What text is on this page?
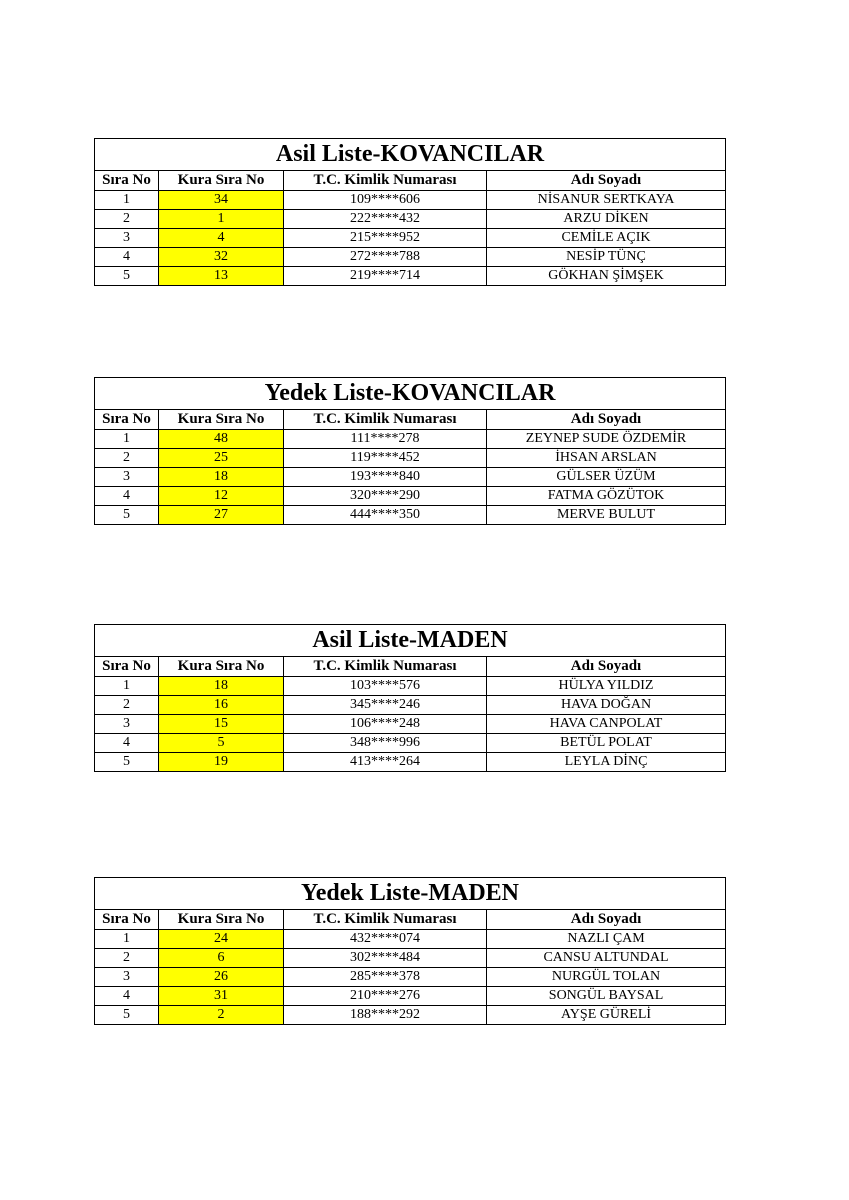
Asil Liste-KOVANCILAR			
Sıra No	Kura Sıra No	T.C. Kimlik Numarası	Adı Soyadı
1	34	109****606	NİSANUR SERTKAYA
2	1	222****432	ARZU DİKEN
3	4	215****952	CEMİLE AÇIK
4	32	272****788	NESİP TÜNÇ
5	13	219****714	GÖKHAN ŞİMŞEK
Yedek Liste-KOVANCILAR			
Sıra No	Kura Sıra No	T.C. Kimlik Numarası	Adı Soyadı
1	48	111****278	ZEYNEP SUDE ÖZDEMİR
2	25	119****452	İHSAN ARSLAN
3	18	193****840	GÜLSER ÜZÜM
4	12	320****290	FATMA GÖZÜTOK
5	27	444****350	MERVE BULUT
Asil Liste-MADEN			
Sıra No	Kura Sıra No	T.C. Kimlik Numarası	Adı Soyadı
1	18	103****576	HÜLYA YILDIZ
2	16	345****246	HAVA DOĞAN
3	15	106****248	HAVA CANPOLAT
4	5	348****996	BETÜL POLAT
5	19	413****264	LEYLA DİNÇ
Yedek Liste-MADEN			
Sıra No	Kura Sıra No	T.C. Kimlik Numarası	Adı Soyadı
1	24	432****074	NAZLI ÇAM
2	6	302****484	CANSU ALTUNDAL
3	26	285****378	NURGÜL TOLAN
4	31	210****276	SONGÜL BAYSAL
5	2	188****292	AYŞE GÜRELİ
